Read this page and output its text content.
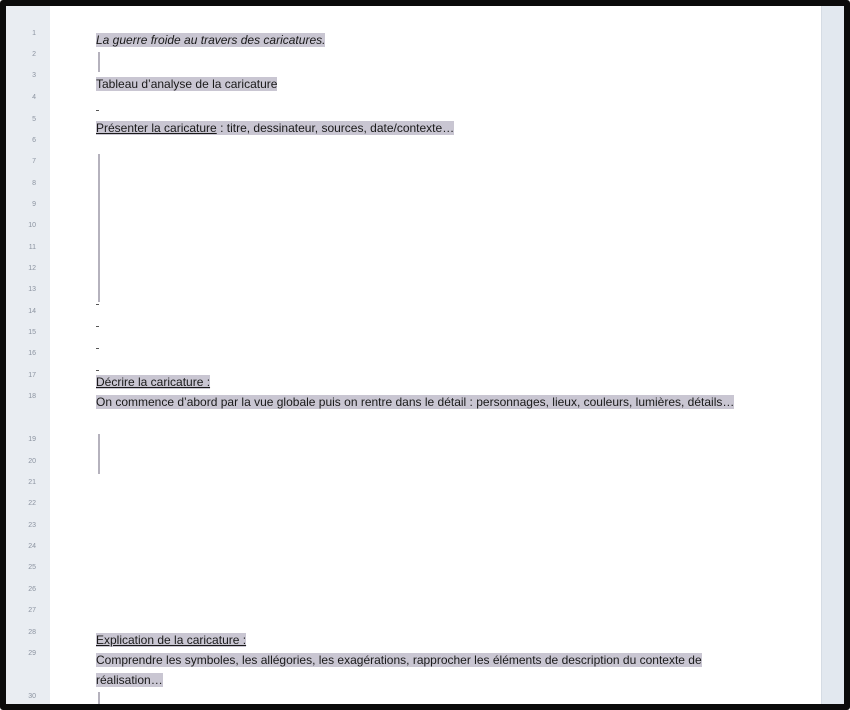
1
2
3
4
5
6
7
8
9
10
11
12
13
14
15
16
17
18
19
20
21
22
23
24
25
26
27
28
29
30
La guerre froide au travers des caricatures.
Tableau d’analyse de la caricature
Présenter la caricature : titre, dessinateur, sources, date/contexte…
Décrire la caricature :
On commence d’abord par la vue globale puis on rentre dans le détail : personnages, lieux, couleurs, lumières, détails…
Explication de la caricature :
Comprendre les symboles, les allégories, les exagérations, rapprocher les éléments de description du contexte de réalisation…
